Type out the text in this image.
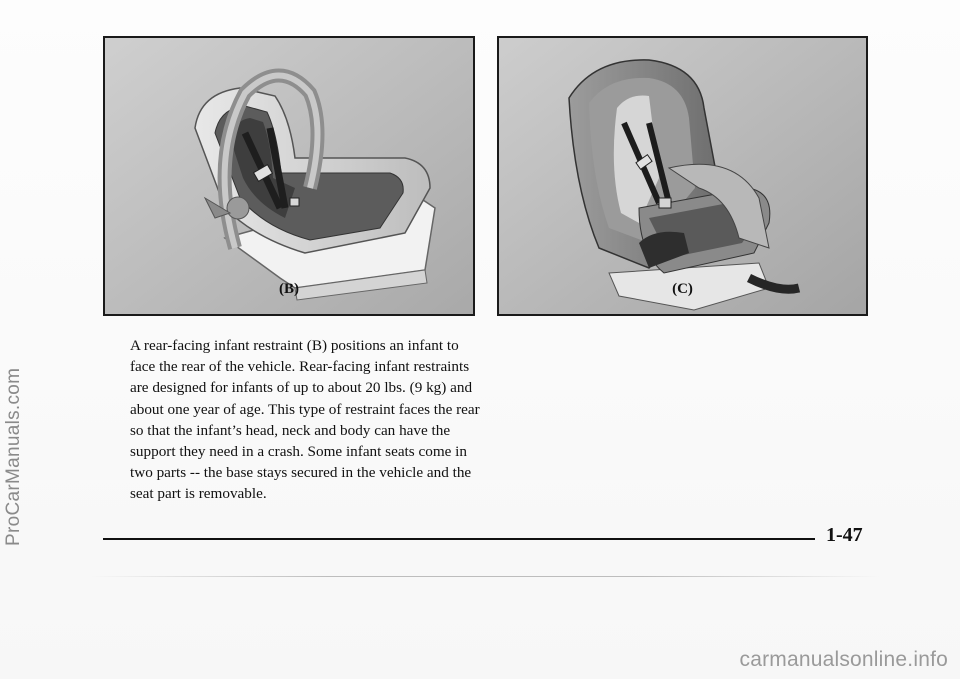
(B)	(C)
ProCarManuals.com

A rear-facing infant restraint (B) positions an infant to face the rear of the vehicle. Rear-facing infant restraints are designed for infants of up to about 20 lbs. (9 kg) and about one year of age. This type of restraint faces the rear so that the infant’s head, neck and body can have the support they need in a crash. Some infant seats come in two parts -- the base stays secured in the vehicle and the seat part is removable.

1-47
carmanualsonline.info
